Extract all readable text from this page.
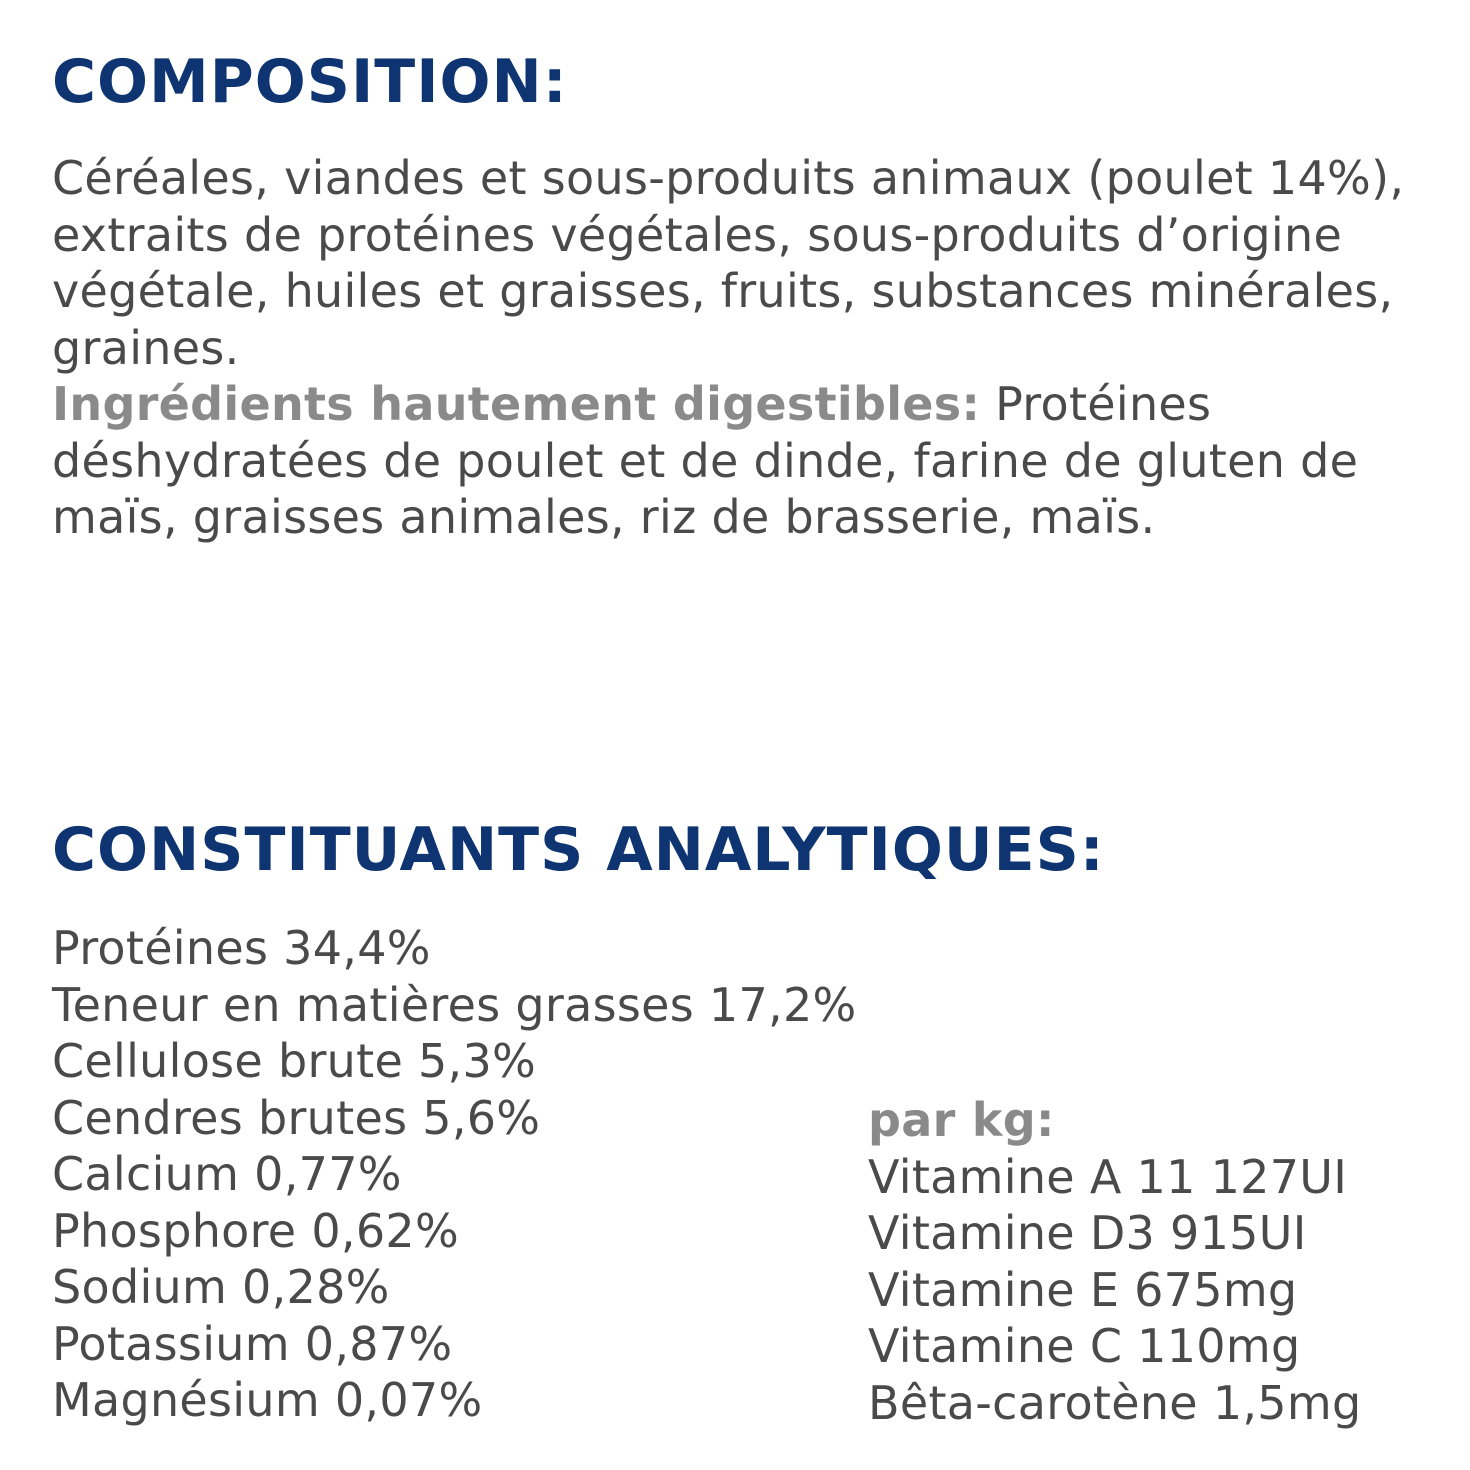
COMPOSITION:

Céréales, viandes et sous-produits animaux (poulet 14%), extraits de protéines végétales, sous-produits d’origine végétale, huiles et graisses, fruits, substances minérales, graines.

Ingrédients hautement digestibles: Protéines déshydratées de poulet et de dinde, farine de gluten de maïs, graisses animales, riz de brasserie, maïs.

CONSTITUANTS ANALYTIQUES:
Protéines 34,4%
Teneur en matières grasses 17,2%
Cellulose brute 5,3%
Cendres brutes 5,6%
Calcium 0,77%
Phosphore 0,62%
Sodium 0,28%
Potassium 0,87%
Magnésium 0,07%
par kg:
Vitamine A 11 127UI
Vitamine D3 915UI
Vitamine E 675mg
Vitamine C 110mg
Bêta-carotène 1,5mg
